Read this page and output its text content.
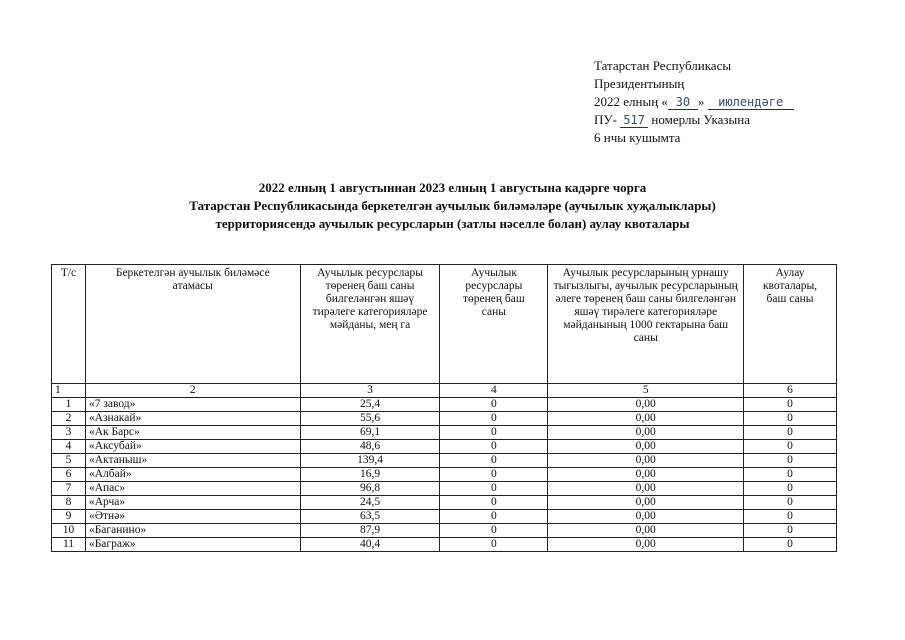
Татарстан Республикасы
Президентының
2022 елның « 30 » июлендәге
ПУ- 517 номерлы Указына
6 нчы кушымта
2022 елның 1 августыннан 2023 елның 1 августына кадәрге чорга
Татарстан Республикасында беркетелгән аучылык биләмәләре (аучылык хуҗалыклары)
территориясендә аучылык ресурсларын (затлы нәселле болан) аулау квоталары
Т/с	Беркетелгән аучылык биләмәсе атамасы	Аучылык ресурслары төренең баш саны билгеләнгән яшәү тирәлеге категорияләре мәйданы, мең га	Аучылык ресурслары төренең баш саны	Аучылык ресурсларының урнашу тыгызлыгы, аучылык ресурсларының әлеге төренең баш саны билгеләнгән яшәү тирәлеге категорияләре мәйданының 1000 гектарына баш саны	Аулау квоталары, баш саны
1	2	3	4	5	6
1	«7 завод»	25,4	0	0,00	0
2	«Азнакай»	55,6	0	0,00	0
3	«Ак Барс»	69,1	0	0,00	0
4	«Аксубай»	48,6	0	0,00	0
5	«Актаныш»	139,4	0	0,00	0
6	«Албай»	16,9	0	0,00	0
7	«Апас»	96,8	0	0,00	0
8	«Арча»	24,5	0	0,00	0
9	«Әтнә»	63,5	0	0,00	0
10	«Баганино»	87,9	0	0,00	0
11	«Баграж»	40,4	0	0,00	0
